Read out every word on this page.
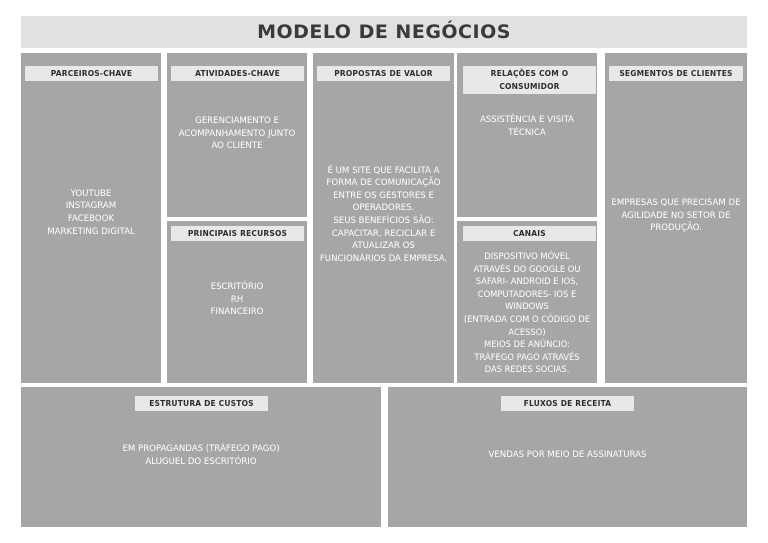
MODELO DE NEGÓCIOS
PARCEIROS-CHAVE
YOUTUBE
INSTAGRAM
FACEBOOK
MARKETING DIGITAL
ATIVIDADES-CHAVE
GERENCIAMENTO E
ACOMPANHAMENTO JUNTO
AO CLIENTE
PRINCIPAIS RECURSOS
ESCRITÓRIO
RH
FINANCEIRO
PROPOSTAS DE VALOR
É UM SITE QUE FACILITA A
FORMA DE COMUNICAÇÃO
ENTRE OS GESTORES E
OPERADORES.
SEUS BENEFÍCIOS SÃO:
CAPACITAR, RECICLAR E
ATUALIZAR OS
FUNCIONÁRIOS DA EMPRESA.
RELAÇÕES COM O
CONSUMIDOR
ASSISTÊNCIA E VISITA
TÉCNICA
CANAIS
DISPOSITIVO MÓVEL
ATRAVÉS DO GOOGLE OU
SAFARI- ANDROID E IOS,
COMPUTADORES- IOS E
WINDOWS
(ENTRADA COM O CÓDIGO DE
ACESSO)
MEIOS DE ANÚNCIO:
TRÁFEGO PAGO ATRAVÉS
DAS REDES SOCIAS.
SEGMENTOS DE CLIENTES
EMPRESAS QUE PRECISAM DE
AGILIDADE NO SETOR DE
PRODUÇÃO.
ESTRUTURA DE CUSTOS
EM PROPAGANDAS (TRÁFEGO PAGO)
ALUGUEL DO ESCRITÓRIO
FLUXOS DE RECEITA
VENDAS POR MEIO DE ASSINATURAS
